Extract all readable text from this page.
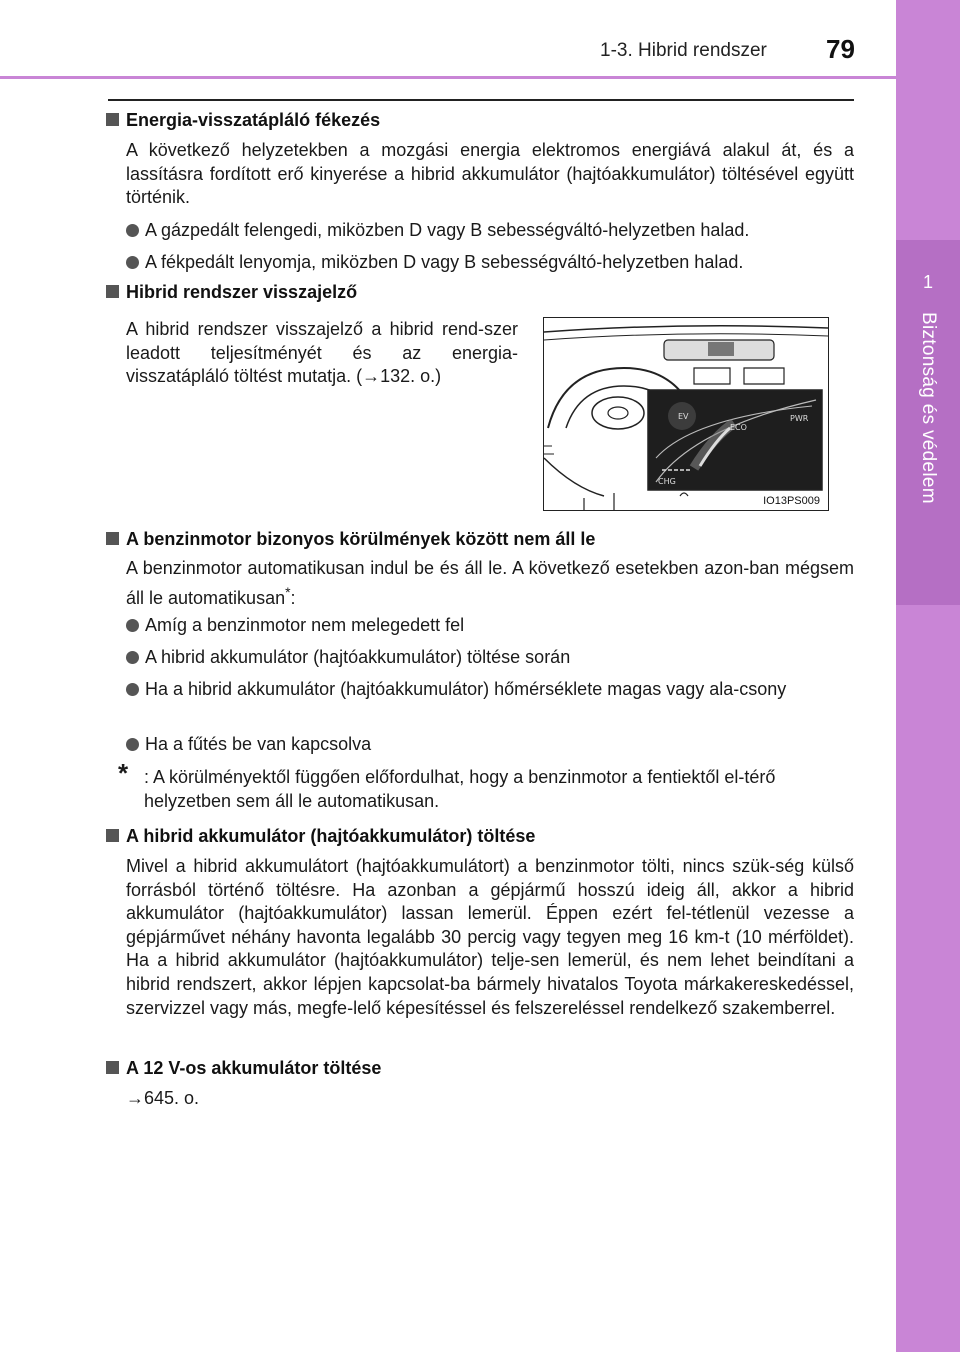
1-3. Hibrid rendszer 79
1
Biztonság és védelem
Energia-visszatápláló fékezés
A következő helyzetekben a mozgási energia elektromos energiává alakul át, és a lassításra fordított erő kinyerése a hibrid akkumulátor (hajtóakkumulátor) töltésével együtt történik.
A gázpedált felengedi, miközben D vagy B sebességváltó-helyzetben halad.
A fékpedált lenyomja, miközben D vagy B sebességváltó-helyzetben halad.
Hibrid rendszer visszajelző
A hibrid rendszer visszajelző a hibrid rend-szer leadott teljesítményét és az energia-visszatápláló töltést mutatja. (→132. o.)
EV
ECO
PWR
CHG
IO13PS009
A benzinmotor bizonyos körülmények között nem áll le
A benzinmotor automatikusan indul be és áll le. A következő esetekben azon-ban mégsem áll le automatikusan*:
Amíg a benzinmotor nem melegedett fel
A hibrid akkumulátor (hajtóakkumulátor) töltése során
Ha a hibrid akkumulátor (hajtóakkumulátor) hőmérséklete magas vagy ala-csony
Ha a fűtés be van kapcsolva
* : A körülményektől függően előfordulhat, hogy a benzinmotor a fentiektől el-térő helyzetben sem áll le automatikusan.
A hibrid akkumulátor (hajtóakkumulátor) töltése
Mivel a hibrid akkumulátort (hajtóakkumulátort) a benzinmotor tölti, nincs szük-ség külső forrásból történő töltésre. Ha azonban a gépjármű hosszú ideig áll, akkor a hibrid akkumulátor (hajtóakkumulátor) lassan lemerül. Éppen ezért fel-tétlenül vezesse a gépjárművet néhány havonta legalább 30 percig vagy tegyen meg 16 km-t (10 mérföldet). Ha a hibrid akkumulátor (hajtóakkumulátor) telje-sen lemerül, és nem lehet beindítani a hibrid rendszert, akkor lépjen kapcsolat-ba bármely hivatalos Toyota márkakereskedéssel, szervizzel vagy más, megfe-lelő képesítéssel és felszereléssel rendelkező szakemberrel.
A 12 V-os akkumulátor töltése
→645. o.
